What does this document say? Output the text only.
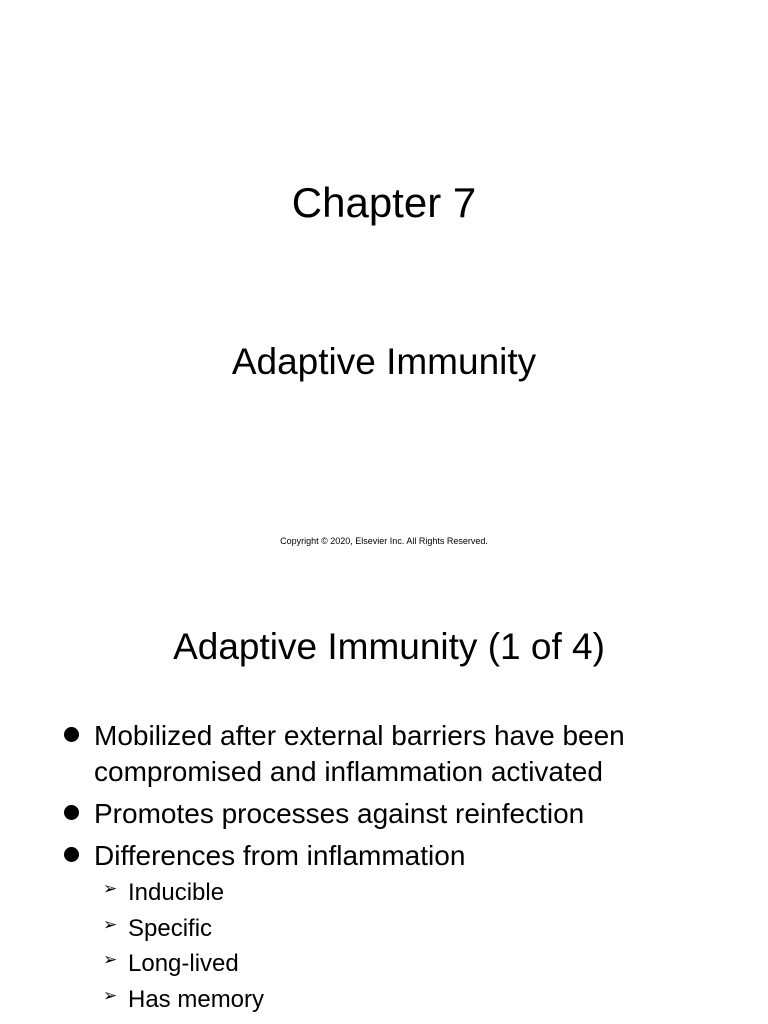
Chapter 7
Adaptive Immunity
Copyright © 2020, Elsevier Inc. All Rights Reserved.
Adaptive Immunity (1 of 4)
Mobilized after external barriers have been compromised and inflammation activated
Promotes processes against reinfection
Differences from inflammation
➢ Inducible
➢ Specific
➢ Long-lived
➢ Has memory
